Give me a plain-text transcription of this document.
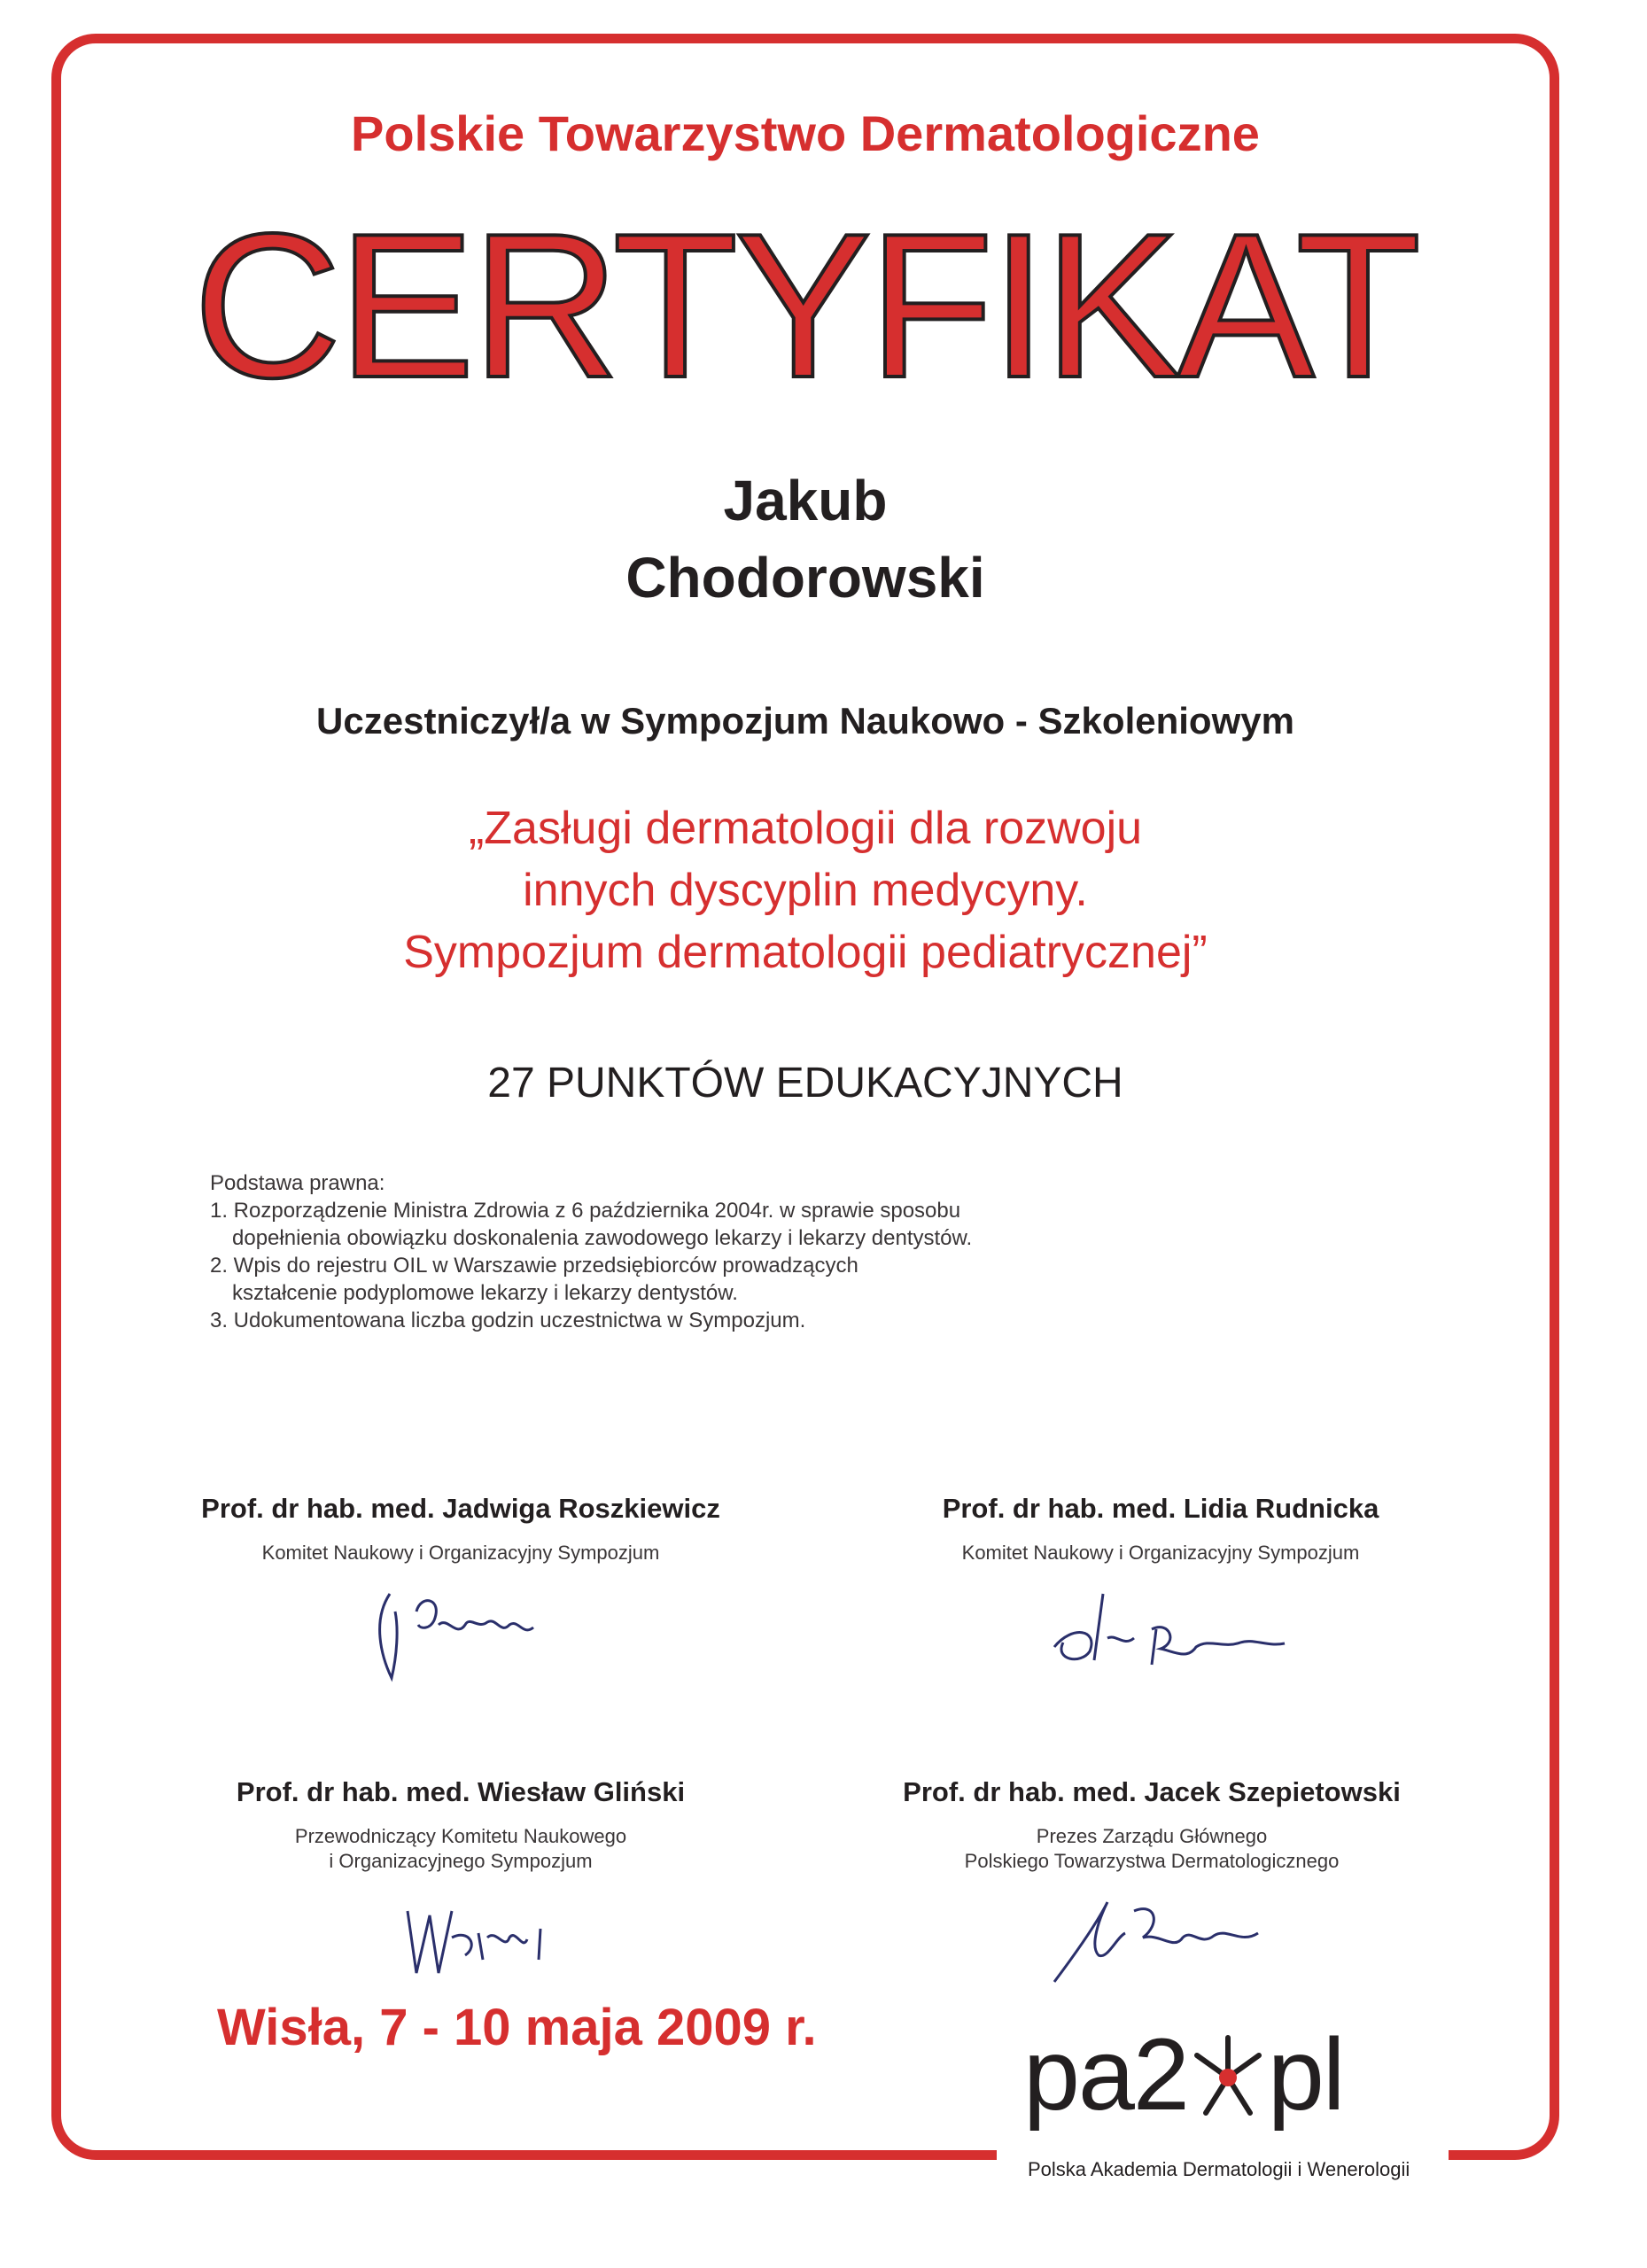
Polskie Towarzystwo Dermatologiczne
CERTYFIKAT
Jakub
Chodorowski
Uczestniczył/a w Sympozjum Naukowo - Szkoleniowym
„Zasługi dermatologii dla rozwoju
innych dyscyplin medycyny.
Sympozjum dermatologii pediatrycznej”
27 PUNKTÓW EDUKACYJNYCH
Podstawa prawna:
1. Rozporządzenie Ministra Zdrowia z 6 października 2004r. w sprawie sposobu
dopełnienia obowiązku doskonalenia zawodowego lekarzy i lekarzy dentystów.
2. Wpis do rejestru OIL w Warszawie przedsiębiorców prowadzących
kształcenie podyplomowe lekarzy i lekarzy dentystów.
3. Udokumentowana liczba godzin uczestnictwa w Sympozjum.
Prof. dr hab. med. Jadwiga Roszkiewicz
Komitet Naukowy i Organizacyjny Sympozjum
Prof. dr hab. med. Lidia Rudnicka
Komitet Naukowy i Organizacyjny Sympozjum
Prof. dr hab. med. Wiesław Gliński
Przewodniczący Komitetu Naukowego
i Organizacyjnego Sympozjum
Prof. dr hab. med. Jacek Szepietowski
Prezes Zarządu Głównego
Polskiego Towarzystwa Dermatologicznego
Wisła, 7 - 10 maja 2009 r. pa2 pl
Polska Akademia Dermatologii i Wenerologii
